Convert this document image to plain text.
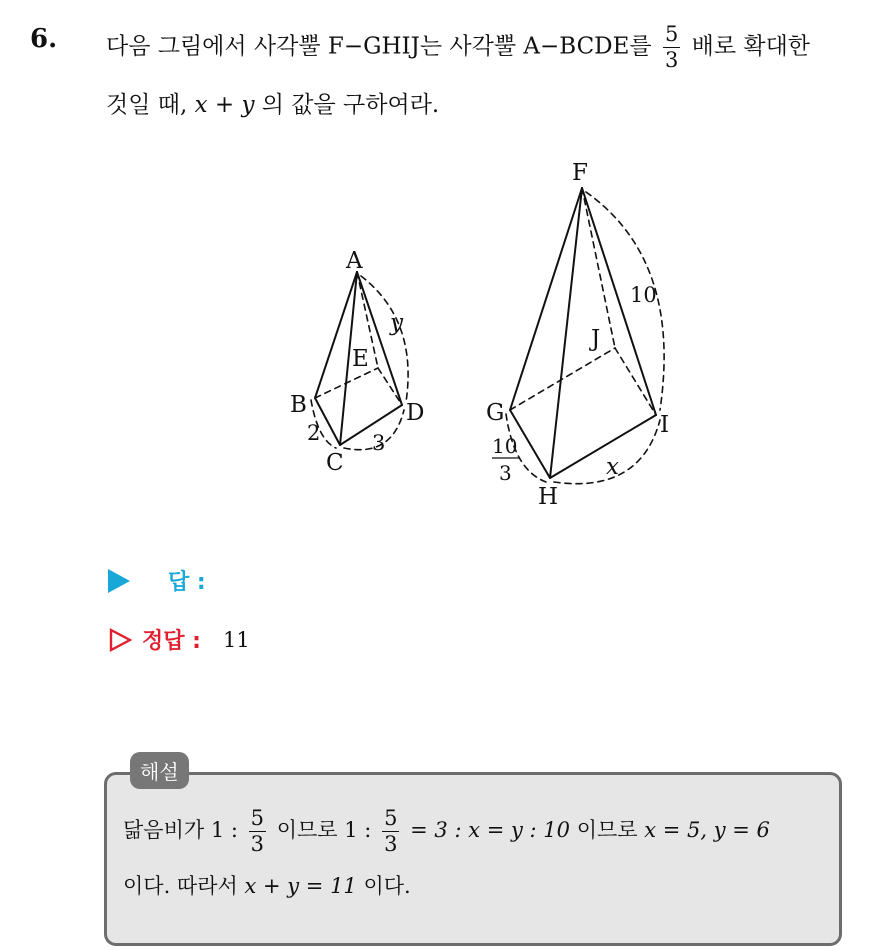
6. 다음 그림에서 사각뿔 F−GHIJ는 사각뿔 A−BCDE를 $\frac{5}{3}$ 배로 확대한
것일 때, x + y 의 값을 구하여라.
A
B
C
D
E
2 3
y
F
G
H
I
J
10
10
3	x
답 :
정답 : 11
해설
닮음비가 1 : $\frac{5}{3}$ 이므로 1 : $\frac{5}{3} = 3$ : x = y : 10 이므로 x = 5, y = 6
이다. 따라서 x + y = 11 이다.
